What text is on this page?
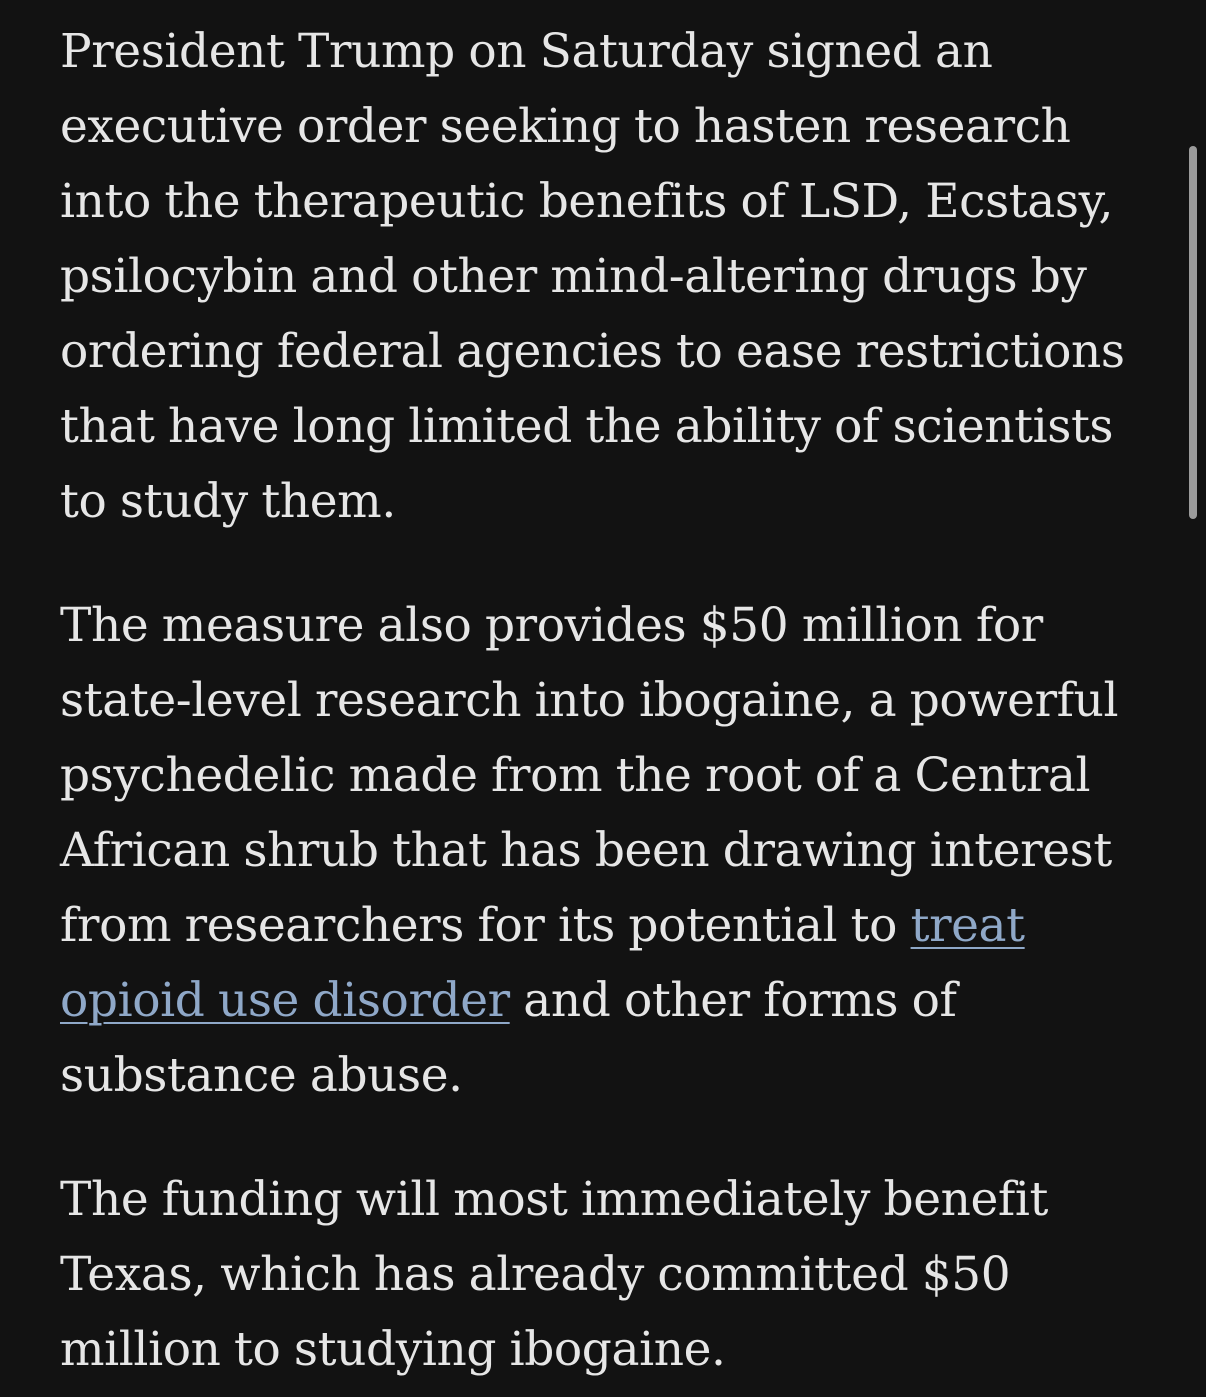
President Trump on Saturday signed an
executive order seeking to hasten research
into the therapeutic benefits of LSD, Ecstasy,
psilocybin and other mind-altering drugs by
ordering federal agencies to ease restrictions
that have long limited the ability of scientists
to study them.

The measure also provides $50 million for
state-level research into ibogaine, a powerful
psychedelic made from the root of a Central
African shrub that has been drawing interest
from researchers for its potential to treat
opioid use disorder and other forms of
substance abuse.

The funding will most immediately benefit
Texas, which has already committed $50
million to studying ibogaine.
